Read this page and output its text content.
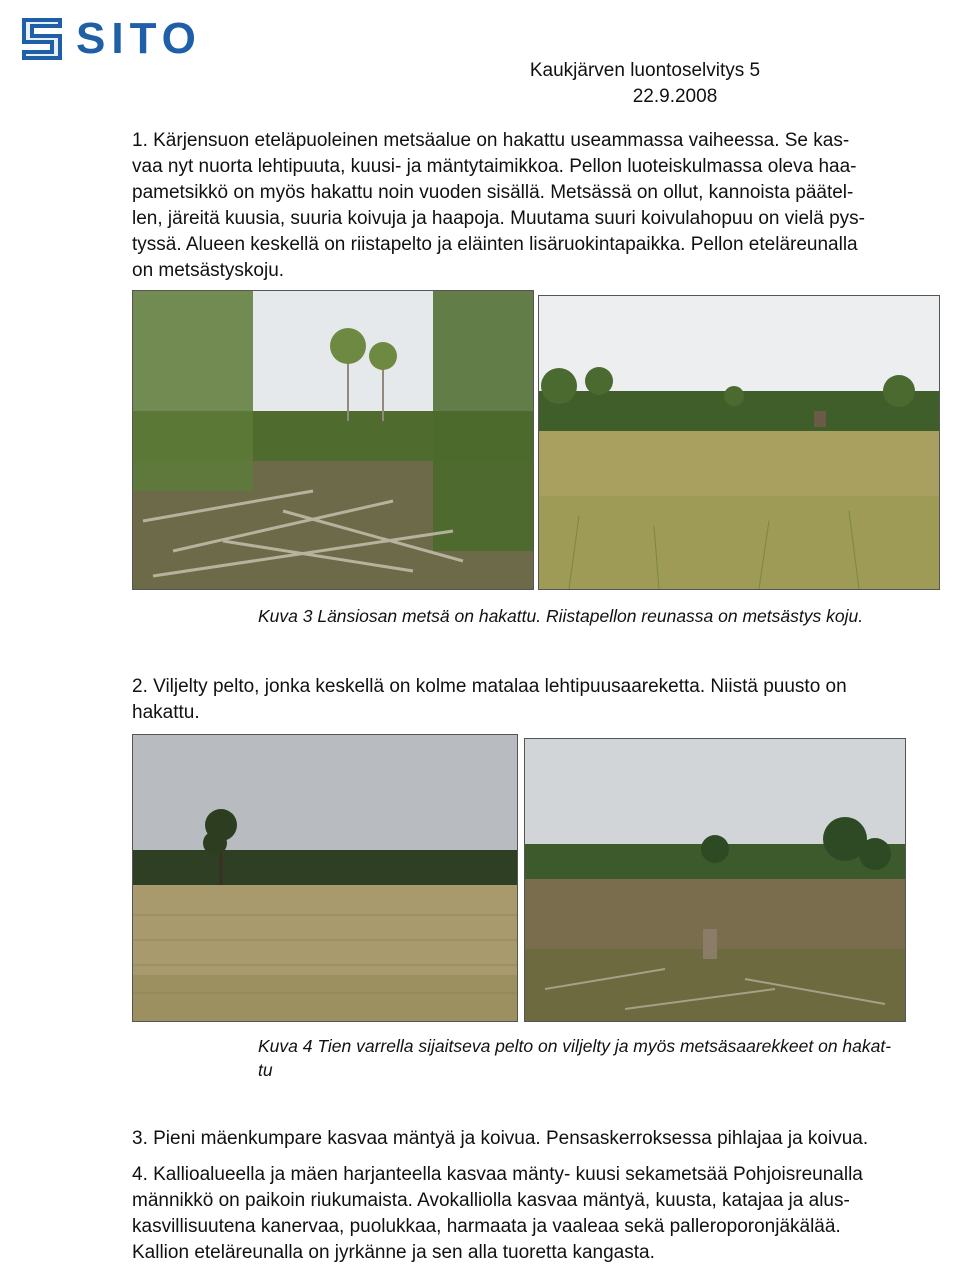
SITO
Kaukjärven luontoselvitys 5
22.9.2008
1. Kärjensuon eteläpuoleinen metsäalue on hakattu useammassa vaiheessa. Se kas-
vaa nyt nuorta lehtipuuta, kuusi- ja mäntytaimikkoa. Pellon luoteiskulmassa oleva haa-
pametsikkö on myös hakattu noin vuoden sisällä. Metsässä on ollut, kannoista päätel-
len, järeitä kuusia, suuria koivuja ja haapoja. Muutama suuri koivulahopuu on vielä pys-
tyssä. Alueen keskellä on riistapelto ja eläinten lisäruokintapaikka. Pellon eteläreunalla
on metsästyskoju.
Kuva 3 Länsiosan metsä on hakattu. Riistapellon reunassa on metsästys koju.
2. Viljelty pelto, jonka keskellä on kolme matalaa lehtipuusaareketta. Niistä puusto on
hakattu.
Kuva 4 Tien varrella sijaitseva pelto on viljelty ja myös metsäsaarekkeet on hakat-
tu
3. Pieni mäenkumpare kasvaa mäntyä ja koivua. Pensaskerroksessa pihlajaa ja koivua.
4. Kallioalueella ja mäen harjanteella kasvaa mänty- kuusi sekametsää Pohjoisreunalla
männikkö on paikoin riukumaista. Avokalliolla kasvaa mäntyä, kuusta, katajaa ja alus-
kasvillisuutena kanervaa, puolukkaa, harmaata ja vaaleaa sekä palleroporonjäkälää.
Kallion eteläreunalla on jyrkänne ja sen alla tuoretta kangasta.
